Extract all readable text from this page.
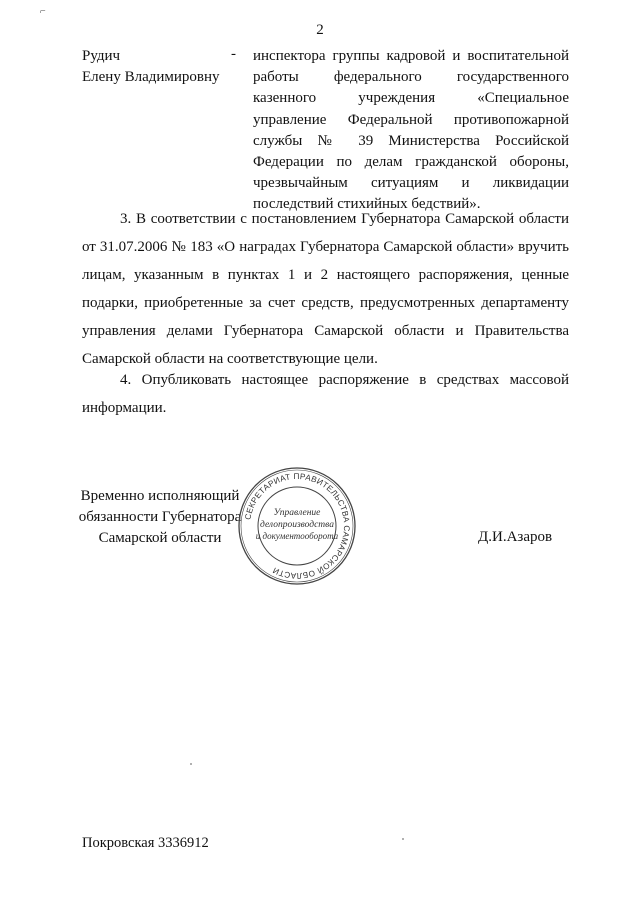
⌐
2
Рудич
Елену Владимировну
- инспектора группы кадровой и воспитательной работы федерального государственного казенного учреждения «Специальное управление Федеральной противопожарной службы № 39 Министерства Российской Федерации по делам гражданской обороны, чрезвычайным ситуациям и ликвидации последствий стихийных бедствий».

3. В соответствии с постановлением Губернатора Самарской области от 31.07.2006 № 183 «О наградах Губернатора Самарской области» вручить лицам, указанным в пунктах 1 и 2 настоящего распоряжения, ценные подарки, приобретенные за счет средств, предусмотренных департаменту управления делами Губернатора Самарской области и Правительства Самарской области на соответствующие цели.

4. Опубликовать настоящее распоряжение в средствах массовой информации.

Временно исполняющий
обязанности Губернатора
Самарской области
СЕКРЕТАРИАТ ПРАВИТЕЛЬСТВА САМАРСКОЙ ОБЛАСТИ
Управление
делопроизводства
и документооборота	Д.И.Азаров
Покровская 3336912
